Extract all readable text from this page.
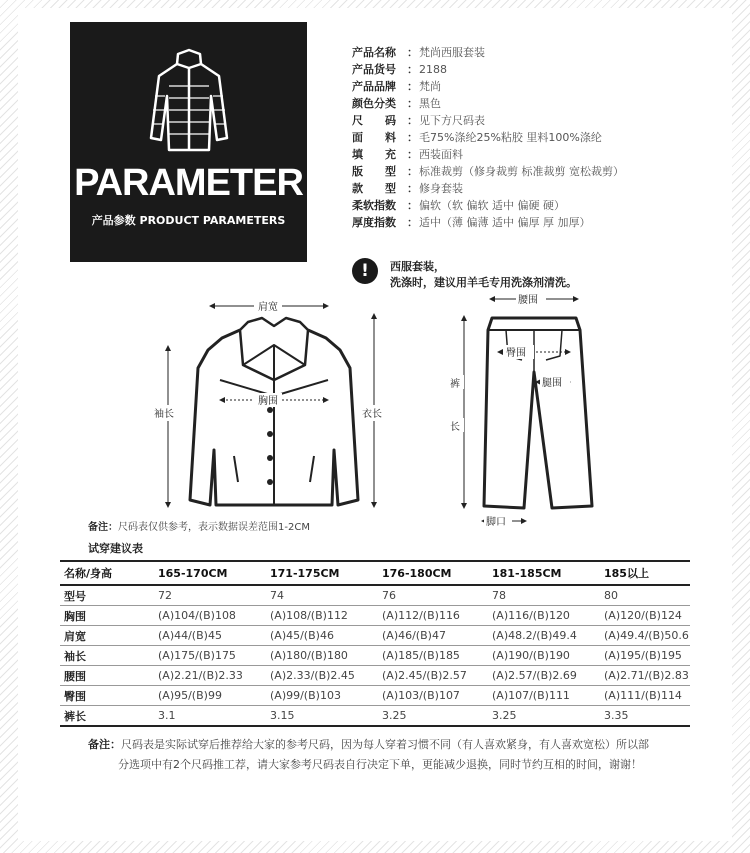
PARAMETER
产品参数 PRODUCT PARAMETERS
产品名称 ：梵尚西服套装
产品货号 ：2188
产品品牌 ：梵尚
颜色分类 ：黑色
尺　　码 ：见下方尺码表
面　　料 ：毛75%涤纶25%粘胶 里料100%涤纶
填　　充 ：西装面料
版　　型 ：标准裁剪（修身裁剪 标准裁剪 宽松裁剪）
款　　型 ：修身套装
柔软指数 ：偏软（软 偏软 适中 偏硬 硬）
厚度指数 ：适中（薄 偏薄 适中 偏厚 厚 加厚）
!	西服套装，
洗涤时，建议用羊毛专用洗涤剂清洗。
肩宽
胸围
袖长	衣长
腰围
臀围
腿围
裤
长
脚口
备注：尺码表仅供参考，表示数据误差范围1-2CM
试穿建议表
名称/身高	165-170CM	171-175CM	176-180CM	181-185CM	185以上
型号	72	74	76	78	80
胸围	(A)104/(B)108	(A)108/(B)112	(A)112/(B)116	(A)116/(B)120	(A)120/(B)124
肩宽	(A)44/(B)45	(A)45/(B)46	(A)46/(B)47	(A)48.2/(B)49.4	(A)49.4/(B)50.6
袖长	(A)175/(B)175	(A)180/(B)180	(A)185/(B)185	(A)190/(B)190	(A)195/(B)195
腰围	(A)2.21/(B)2.33	(A)2.33/(B)2.45	(A)2.45/(B)2.57	(A)2.57/(B)2.69	(A)2.71/(B)2.83
臀围	(A)95/(B)99	(A)99/(B)103	(A)103/(B)107	(A)107/(B)111	(A)111/(B)114
裤长	3.1	3.15	3.25	3.25	3.35
备注：尺码表是实际试穿后推荐给大家的参考尺码，因为每人穿着习惯不同（有人喜欢紧身，有人喜欢宽松）所以部
分选项中有2个尺码推工荐，请大家参考尺码表自行决定下单，更能减少退换，同时节约互相的时间，谢谢！
